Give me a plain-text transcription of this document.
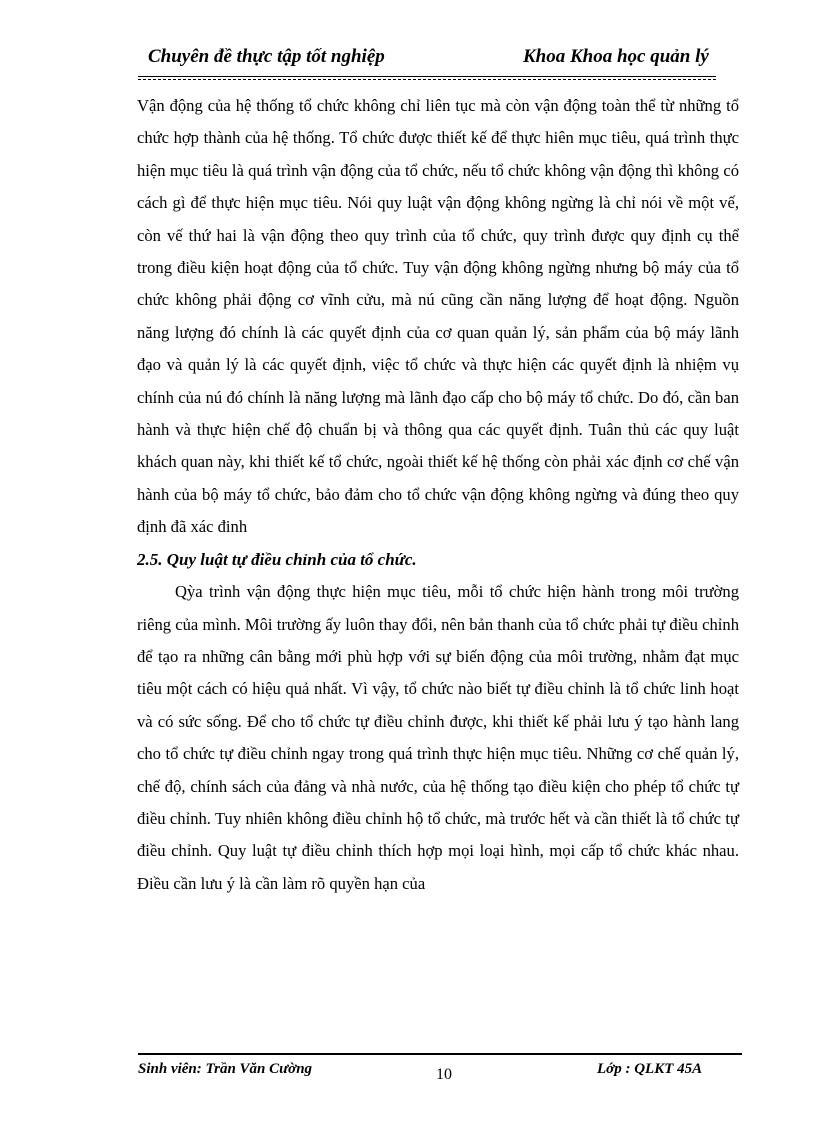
Chuyên đề thực tập tốt nghiệp	Khoa Khoa học quản lý

Vận động của hệ thống tổ chức không chỉ liên tục mà còn vận động toàn thể từ những tổ chức hợp thành của hệ thống. Tổ chức được thiết kế để thực hiên mục tiêu, quá trình thực hiện mục tiêu là quá trình vận động của tổ chức, nếu tổ chức không vận động thì không có cách gì để thực hiện mục tiêu. Nói quy luật vận động không ngừng là chỉ nói về một vế, còn vế thứ hai là vận động theo quy trình của tổ chức, quy trình được quy định cụ thể trong điều kiện hoạt động của tổ chức. Tuy vận động không ngừng nhưng bộ máy của tổ chức không phải động cơ vĩnh cửu, mà nú cũng cần năng lượng để hoạt động. Nguồn năng lượng đó chính là các quyết định của cơ quan quản lý, sản phẩm của bộ máy lãnh đạo và quản lý là các quyết định, việc tổ chức và thực hiện các quyết định là nhiệm vụ chính của nú đó chính là năng lượng mà lãnh đạo cấp cho bộ máy tổ chức. Do đó, cần ban hành và thực hiện chế độ chuẩn bị và thông qua các quyết định. Tuân thủ các quy luật khách quan này, khi thiết kế tổ chức, ngoài thiết kế hệ thống còn phải xác định cơ chế vận hành của bộ máy tổ chức, bảo đảm cho tổ chức vận động không ngừng và đúng theo quy định đã xác đinh

2.5. Quy luật tự điều chỉnh của tổ chức.

Qỳa trình vận động thực hiện mục tiêu, mỗi tổ chức hiện hành trong môi trường riêng của mình. Môi trường ấy luôn thay đổi, nên bản thanh của tổ chức phải tự điều chỉnh để tạo ra những cân bằng mới phù hợp với sự biến động của môi trường, nhằm đạt mục tiêu một cách có hiệu quả nhất. Vì vậy, tổ chức nào biết tự điều chỉnh là tổ chức linh hoạt và có sức sống. Để cho tổ chức tự điều chỉnh được, khi thiết kế phải lưu ý tạo hành lang cho tổ chức tự điều chỉnh ngay trong quá trình thực hiện mục tiêu. Những cơ chế quản lý, chế độ, chính sách của đảng và nhà nước, của hệ thống tạo điều kiện cho phép tổ chức tự điều chỉnh. Tuy nhiên không điều chỉnh hộ tổ chức, mà trước hết và cần thiết là tổ chức tự điều chỉnh. Quy luật tự điều chỉnh thích hợp mọi loại hình, mọi cấp tổ chức khác nhau. Điều cần lưu ý là cần làm rõ quyền hạn của

Sinh viên: Trần Văn Cường	10	Lớp : QLKT 45A
